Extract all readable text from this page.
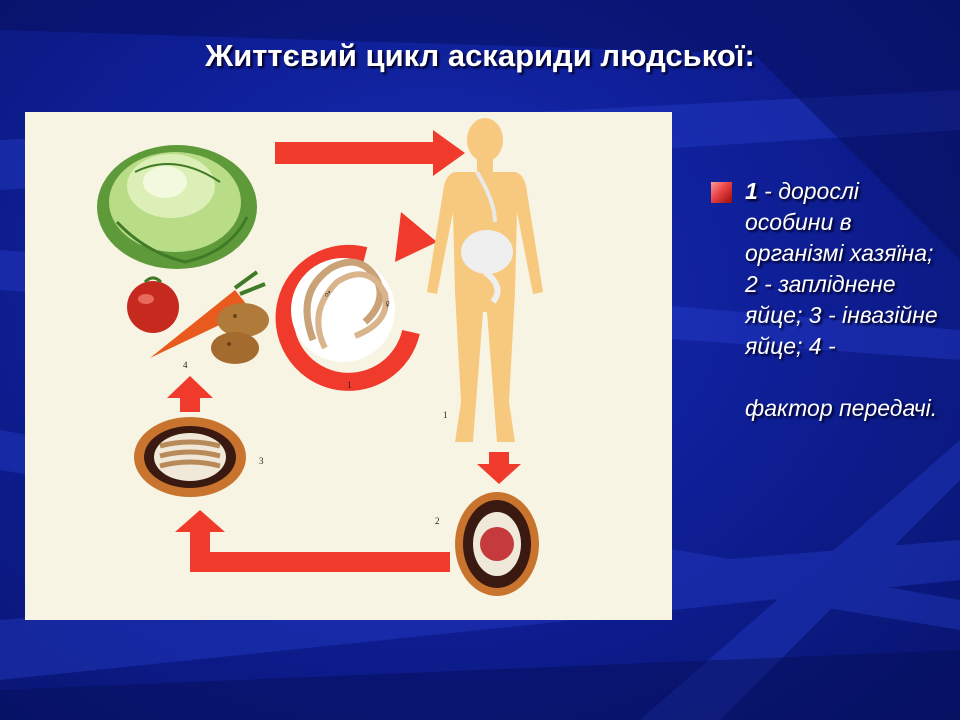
Життєвий цикл аскариди людської:
4
♂
♀
1
1
2
3
1 - дорослі особини в організмі хазяїна; 2 - запліднене яйце; 3 - інвазійне яйце; 4 -
фактор передачі.
